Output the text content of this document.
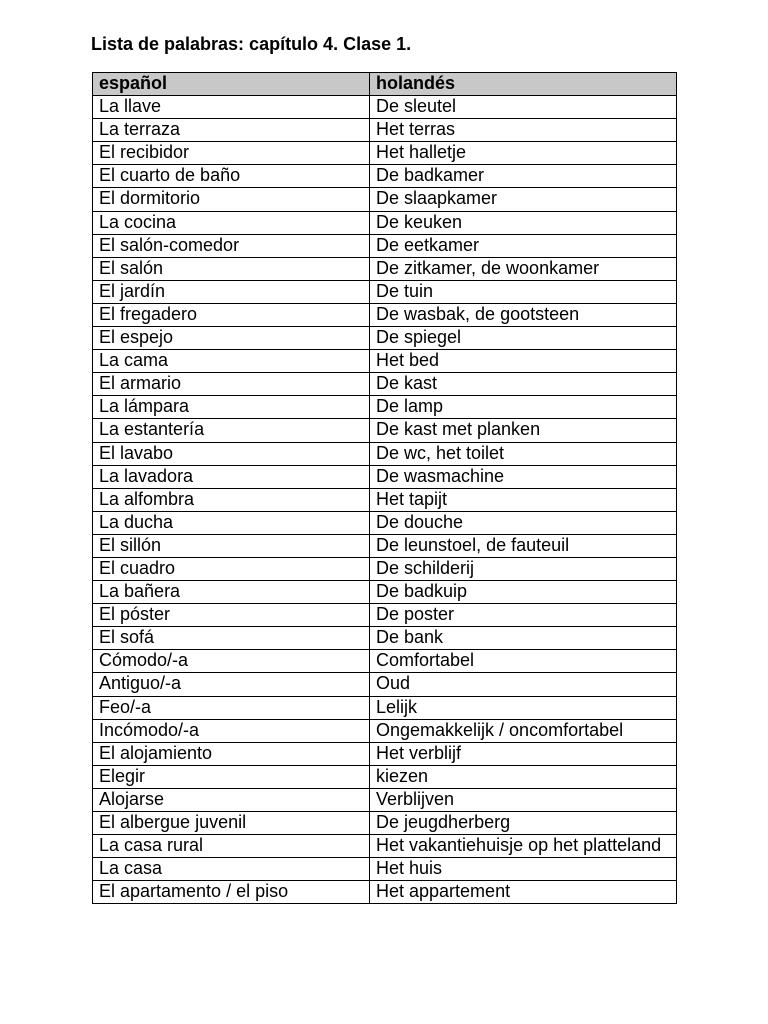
Lista de palabras: capítulo 4. Clase 1.
español	holandés
La llave	De sleutel
La terraza	Het terras
El recibidor	Het halletje
El cuarto de baño	De badkamer
El dormitorio	De slaapkamer
La cocina	De keuken
El salón-comedor	De eetkamer
El salón	De zitkamer, de woonkamer
El jardín	De tuin
El fregadero	De wasbak, de gootsteen
El espejo	De spiegel
La cama	Het bed
El armario	De kast
La lámpara	De lamp
La estantería	De kast met planken
El lavabo	De wc, het toilet
La lavadora	De wasmachine
La alfombra	Het tapijt
La ducha	De douche
El sillón	De leunstoel, de fauteuil
El cuadro	De schilderij
La bañera	De badkuip
El póster	De poster
El sofá	De bank
Cómodo/-a	Comfortabel
Antiguo/-a	Oud
Feo/-a	Lelijk
Incómodo/-a	Ongemakkelijk / oncomfortabel
El alojamiento	Het verblijf
Elegir	kiezen
Alojarse	Verblijven
El albergue juvenil	De jeugdherberg
La casa rural	Het vakantiehuisje op het platteland
La casa	Het huis
El apartamento / el piso	Het appartement
